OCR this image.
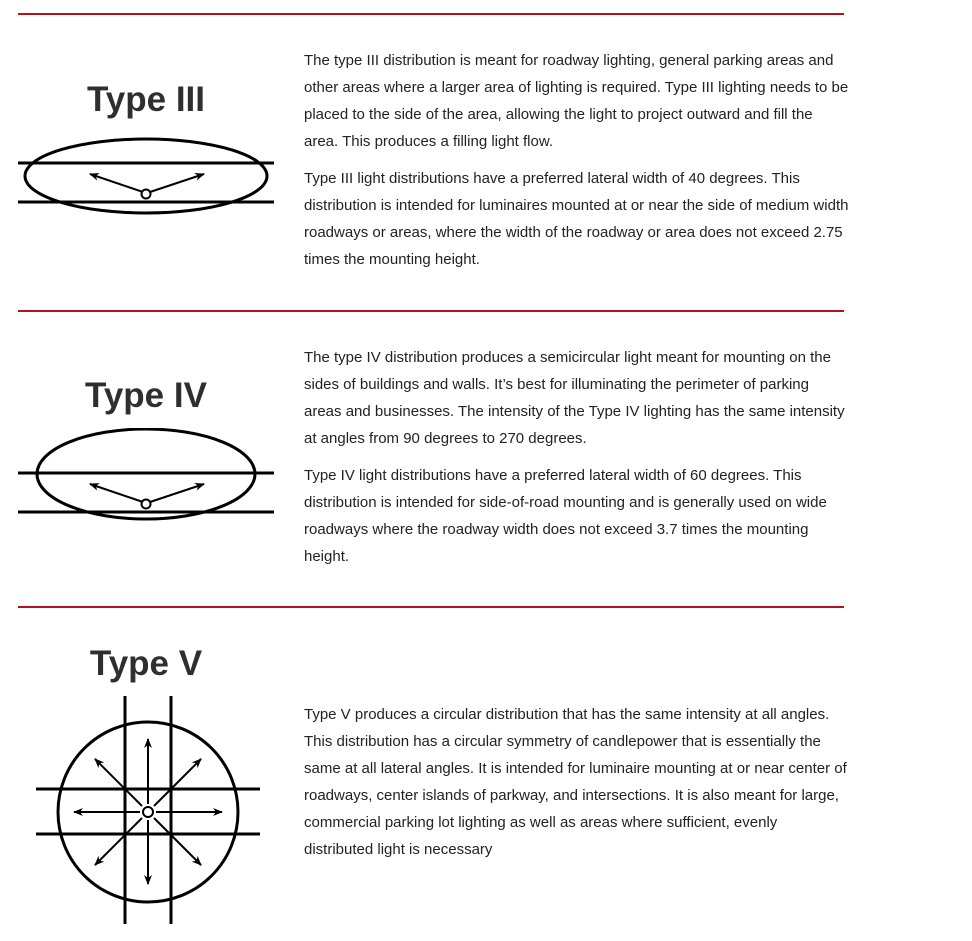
Type III

The type III distribution is meant for roadway lighting, general parking areas and other areas where a larger area of lighting is required. Type III lighting needs to be placed to the side of the area, allowing the light to project outward and fill the area. This produces a filling light flow.

Type III light distributions have a preferred lateral width of 40 degrees. This distribution is intended for luminaires mounted at or near the side of medium width roadways or areas, where the width of the roadway or area does not exceed 2.75 times the mounting height.

Type IV

The type IV distribution produces a semicircular light meant for mounting on the sides of buildings and walls. It’s best for illuminating the perimeter of parking areas and businesses. The intensity of the Type IV lighting has the same intensity at angles from 90 degrees to 270 degrees.

Type IV light distributions have a preferred lateral width of 60 degrees. This distribution is intended for side-of-road mounting and is generally used on wide roadways where the roadway width does not exceed 3.7 times the mounting height.

Type V

Type V produces a circular distribution that has the same intensity at all angles. This distribution has a circular symmetry of candlepower that is essentially the same at all lateral angles. It is intended for luminaire mounting at or near center of roadways, center islands of parkway, and intersections. It is also meant for large, commercial parking lot lighting as well as areas where sufficient, evenly distributed light is necessary
